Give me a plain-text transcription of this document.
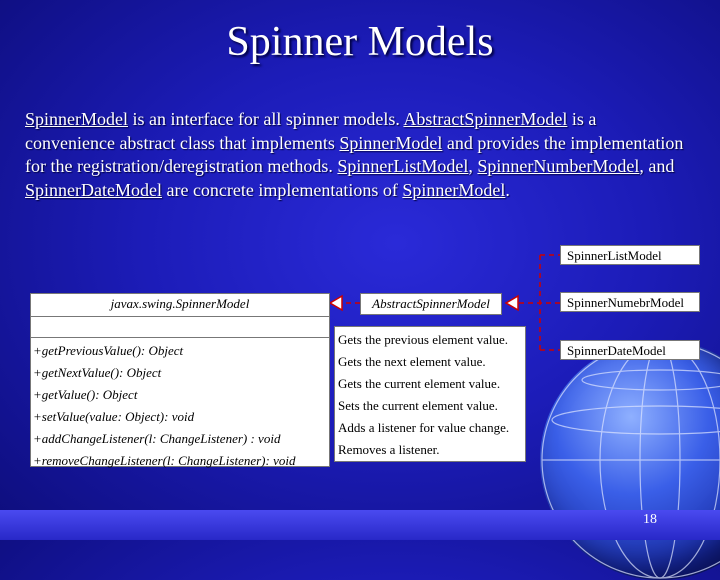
Spinner Models
SpinnerModel is an interface for all spinner models. AbstractSpinnerModel is a convenience abstract class that implements SpinnerModel and provides the implementation for the registration/deregistration methods. SpinnerListModel, SpinnerNumberModel, and SpinnerDateModel are concrete implementations of SpinnerModel.
javax.swing.SpinnerModel
+getPreviousValue(): Object
+getNextValue(): Object
+getValue(): Object
+setValue(value: Object): void
+addChangeListener(l: ChangeListener) : void
+removeChangeListener(l: ChangeListener): void
Gets the previous element value.
Gets the next element value.
Gets the current element value.
Sets the current element value.
Adds a listener for value change.
Removes a listener.
AbstractSpinnerModel
SpinnerListModel
SpinnerNumebrModel
SpinnerDateModel
18
